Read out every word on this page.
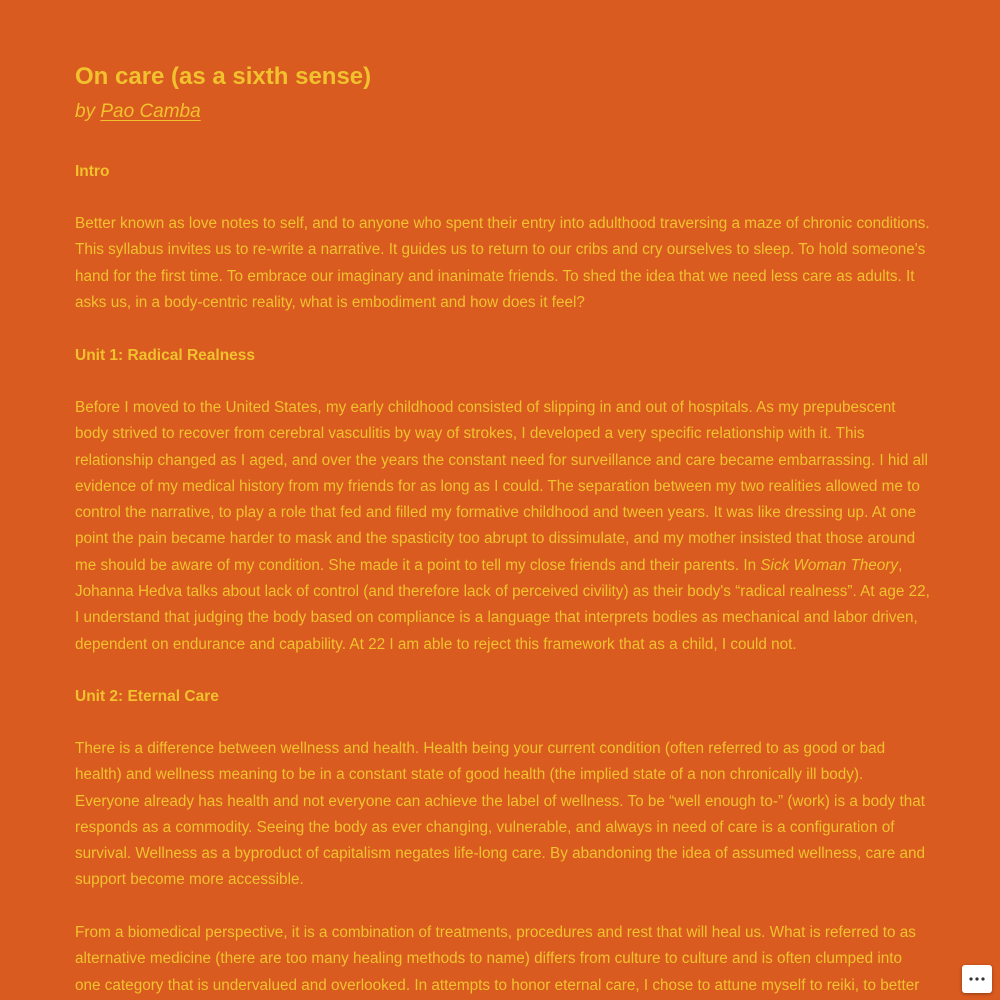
On care (as a sixth sense)

by Pao Camba

Intro

Better known as love notes to self, and to anyone who spent their entry into adulthood traversing a maze of chronic conditions. This syllabus invites us to re-write a narrative. It guides us to return to our cribs and cry ourselves to sleep. To hold someone's hand for the first time. To embrace our imaginary and inanimate friends. To shed the idea that we need less care as adults. It asks us, in a body-centric reality, what is embodiment and how does it feel?

Unit 1: Radical Realness

Before I moved to the United States, my early childhood consisted of slipping in and out of hospitals. As my prepubescent body strived to recover from cerebral vasculitis by way of strokes, I developed a very specific relationship with it. This relationship changed as I aged, and over the years the constant need for surveillance and care became embarrassing. I hid all evidence of my medical history from my friends for as long as I could. The separation between my two realities allowed me to control the narrative, to play a role that fed and filled my formative childhood and tween years. It was like dressing up. At one point the pain became harder to mask and the spasticity too abrupt to dissimulate, and my mother insisted that those around me should be aware of my condition. She made it a point to tell my close friends and their parents. In Sick Woman Theory, Johanna Hedva talks about lack of control (and therefore lack of perceived civility) as their body's “radical realness”. At age 22, I understand that judging the body based on compliance is a language that interprets bodies as mechanical and labor driven, dependent on endurance and capability. At 22 I am able to reject this framework that as a child, I could not.

Unit 2: Eternal Care

There is a difference between wellness and health. Health being your current condition (often referred to as good or bad health) and wellness meaning to be in a constant state of good health (the implied state of a non chronically ill body). Everyone already has health and not everyone can achieve the label of wellness. To be “well enough to-” (work) is a body that responds as a commodity. Seeing the body as ever changing, vulnerable, and always in need of care is a configuration of survival. Wellness as a byproduct of capitalism negates life-long care. By abandoning the idea of assumed wellness, care and support become more accessible.

From a biomedical perspective, it is a combination of treatments, procedures and rest that will heal us. What is referred to as alternative medicine (there are too many healing methods to name) differs from culture to culture and is often clumped into one category that is undervalued and overlooked. In attempts to honor eternal care, I chose to attune myself to reiki, to better
